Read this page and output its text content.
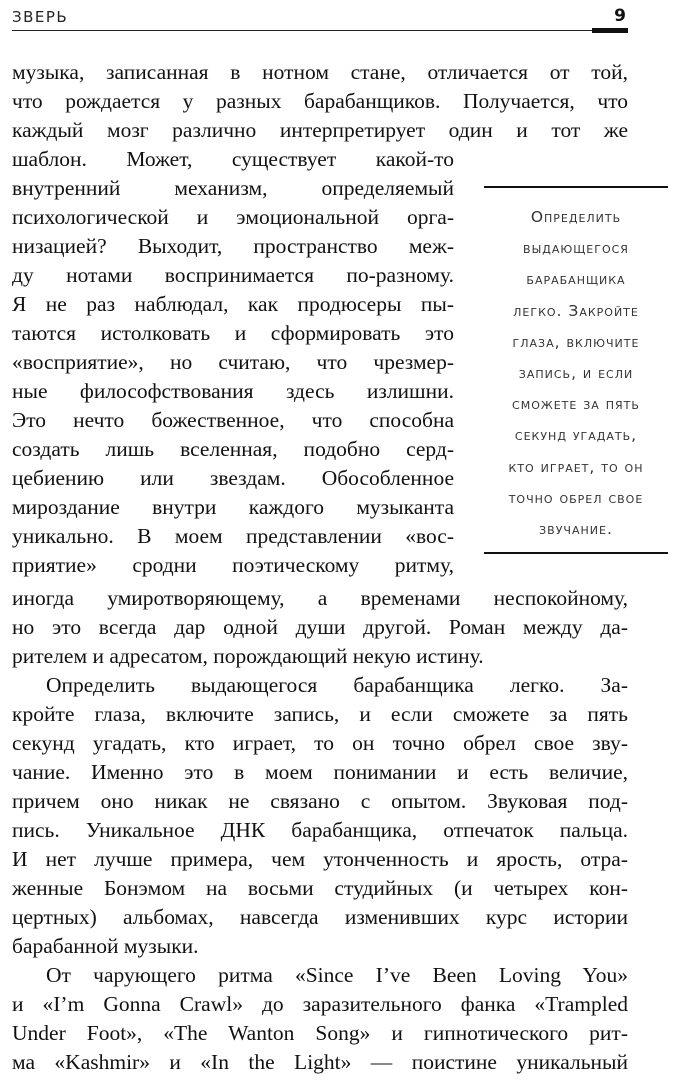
ЗВЕРЬ	9
музыка, записанная в нотном стане, отличается от той,
что рождается у разных барабанщиков. Получается, что
каждый мозг различно интерпретирует один и тот же
шаблон. Может, существует какой-то
внутренний механизм, определяемый
психологической и эмоциональной орга-
низацией? Выходит, пространство меж-
ду нотами воспринимается по-разному.
Я не раз наблюдал, как продюсеры пы-
таются истолковать и сформировать это
«восприятие», но считаю, что чрезмер-
ные философствования здесь излишни.
Это нечто божественное, что способна
создать лишь вселенная, подобно серд-
цебиению или звездам. Обособленное
мироздание внутри каждого музыканта
уникально. В моем представлении «вос-
приятие» сродни поэтическому ритму,
Определить
выдающегося
барабанщика
легко. Закройте
глаза, включите
запись, и если
сможете за пять
секунд угадать,
кто играет, то он
точно обрел свое
звучание.
иногда умиротворяющему, а временами неспокойному,
но это всегда дар одной души другой. Роман между да-
рителем и адресатом, порождающий некую истину.
Определить выдающегося барабанщика легко. За-
кройте глаза, включите запись, и если сможете за пять
секунд угадать, кто играет, то он точно обрел свое зву-
чание. Именно это в моем понимании и есть величие,
причем оно никак не связано с опытом. Звуковая под-
пись. Уникальное ДНК барабанщика, отпечаток пальца.
И нет лучше примера, чем утонченность и ярость, отра-
женные Бонэмом на восьми студийных (и четырех кон-
цертных) альбомах, навсегда изменивших курс истории
барабанной музыки.
От чарующего ритма «Since I’ve Been Loving You»
и «I’m Gonna Crawl» до заразительного фанка «Trampled
Under Foot», «The Wanton Song» и гипнотического рит-
ма «Kashmir» и «In the Light» — поистине уникальный
